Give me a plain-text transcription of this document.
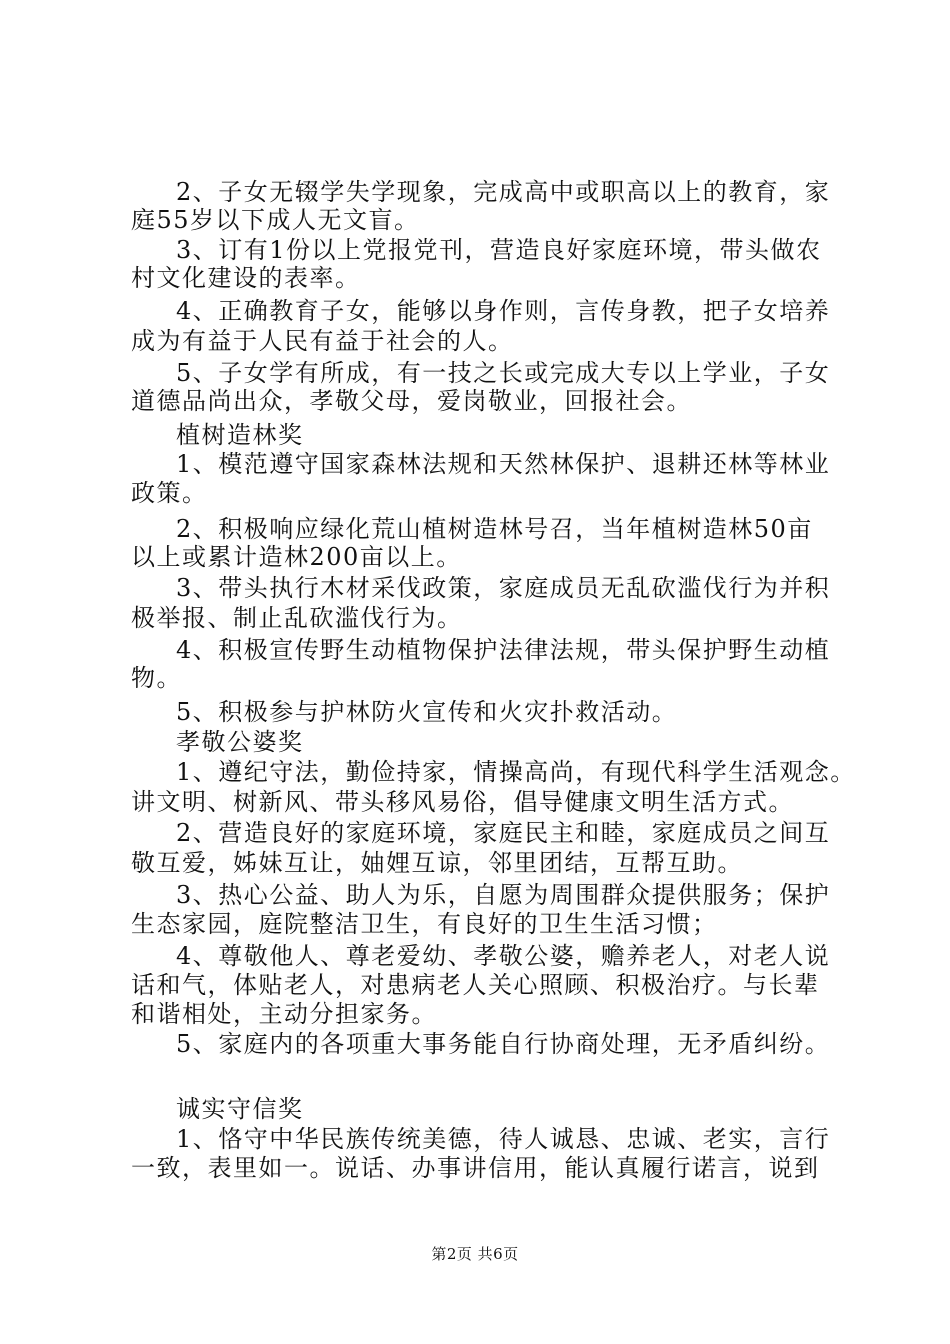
2、子女无辍学失学现象，完成高中或职高以上的教育，家
庭55岁以下成人无文盲。
3、订有1份以上党报党刊，营造良好家庭环境，带头做农
村文化建设的表率。
4、正确教育子女，能够以身作则，言传身教，把子女培养
成为有益于人民有益于社会的人。
5、子女学有所成，有一技之长或完成大专以上学业，子女
道德品尚出众，孝敬父母，爱岗敬业，回报社会。
植树造林奖
1、模范遵守国家森林法规和天然林保护、退耕还林等林业
政策。
2、积极响应绿化荒山植树造林号召，当年植树造林50亩
以上或累计造林200亩以上。
3、带头执行木材采伐政策，家庭成员无乱砍滥伐行为并积
极举报、制止乱砍滥伐行为。
4、积极宣传野生动植物保护法律法规，带头保护野生动植
物。
5、积极参与护林防火宣传和火灾扑救活动。
孝敬公婆奖
1、遵纪守法，勤俭持家，情操高尚，有现代科学生活观念。
讲文明、树新风、带头移风易俗，倡导健康文明生活方式。
2、营造良好的家庭环境，家庭民主和睦，家庭成员之间互
敬互爱，姊妹互让，妯娌互谅，邻里团结，互帮互助。
3、热心公益、助人为乐，自愿为周围群众提供服务；保护
生态家园，庭院整洁卫生，有良好的卫生生活习惯；
4、尊敬他人、尊老爱幼、孝敬公婆，赡养老人，对老人说
话和气，体贴老人，对患病老人关心照顾、积极治疗。与长辈
和谐相处，主动分担家务。
5、家庭内的各项重大事务能自行协商处理，无矛盾纠纷。
诚实守信奖
1、恪守中华民族传统美德，待人诚恳、忠诚、老实，言行
一致，表里如一。说话、办事讲信用，能认真履行诺言，说到
第2页 共6页
